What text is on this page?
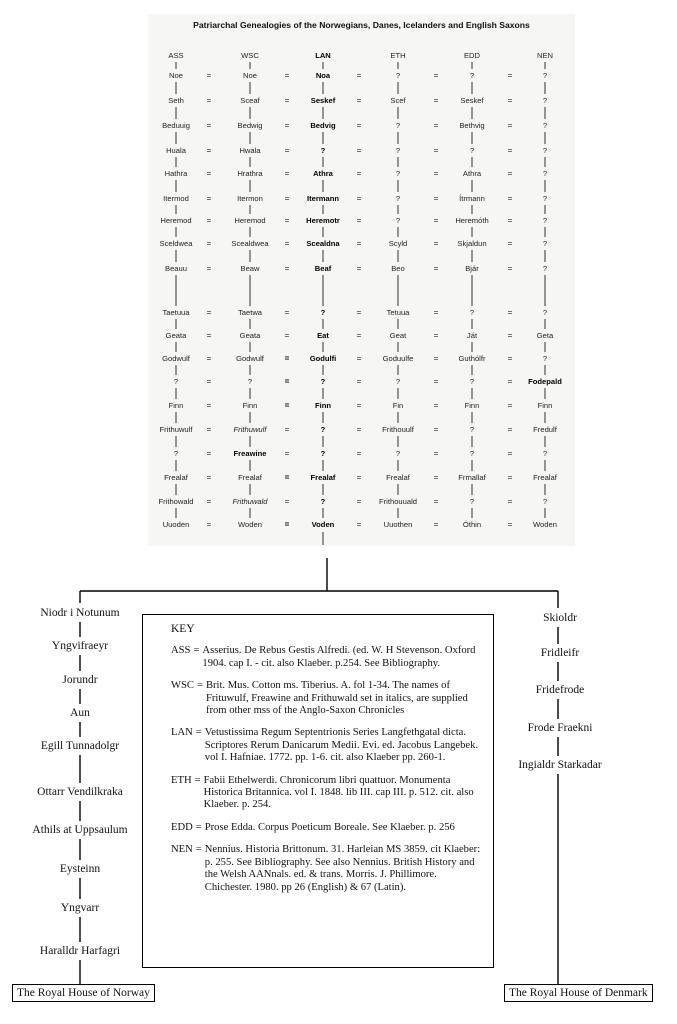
Patriarchal Genealogies of the Norwegians, Danes, Icelanders and English Saxons
ASS	WSC	LAN	ETH	EDD	NEN
Noe	Noe	Noa	?	?	?
=	=	=	=	=
Seth	Sceaf	Seskef	Scef	Seskef	?
=	=	=	=	=
Beduuig	Bedwig	Bedvig	?	Bethvig	?
=	=	=	=	=
Huala	Hwala	?	?	?	?
=	=	=	=	=
Hathra	Hrathra	Athra	?	Athra	?
=	=	=	=	=
Itermod	Itermon	Itermann	?	Ítrmann	?
=	=	=	=	=
Heremod	Heremod	Heremotr	?	Heremóth	?
=	=	=	=	=
Sceldwea	Scealdwea	Scealdna	Scyld	Skjaldun	?
=	=	=	=	=
Beauu	Beaw	Beaf	Beo	Bjár	?
=	=	=	=	=
Taetuua	Taetwa	?	Tetuua	?	?
=	=	=	=	=
Geata	Geata	Eat	Geat	Ját	Geta
=	=	=	=	=
Godwulf	Godwulf	Godulfi	Goduulfe	Guthólfr	?
=	=	=	=	=
?	?	?	?	?	Fodepald
=	=	=	=	=
Finn	Finn	Finn	Fin	Finn	Finn
=	=	=	=	=
Frithuwulf	Frithuwulf	?	Frithouulf	?	Fredulf
=	=	=	=	=
?	Freawine	?	?	?	?
=	=	=	=	=
Frealaf	Frealaf	Frealaf	Frealaf	Frmallaf	Frealaf
=	=	=	=	=
Frithowald	Frithuwald	?	Frithouuald	?	?
=	=	=	=	=
Uuoden	Woden	Voden	Uuothen	Óthin	Woden
=	=	=	=	=
Niodr i Notunum
Yngvifraeyr
Jorundr
Aun
Egill Tunnadolgr
Ottarr Vendilkraka
Athils at Uppsaulum
Eysteinn
Yngvarr
Haralldr Harfagri
Skioldr
Fridleifr
Fridefrode
Frode Fraekni
Ingialdr Starkadar
The Royal House of Norway	The Royal House of Denmark
KEY
ASS = Asserius. De Rebus Gestis Alfredi. (ed. W. H Stevenson. Oxford 1904. cap I. - cit. also Klaeber. p.254. See Bibliography.
WSC = Brit. Mus. Cotton ms. Tiberius. A. fol 1-34. The names of Frituwulf, Freawine and Frithuwald set in italics, are supplied from other mss of the Anglo-Saxon Chronicles
LAN = Vetustissima Regum Septentrionis Series Langfethgatal dicta. Scriptores Rerum Danicarum Medii. Evi. ed. Jacobus Langebek. vol I. Hafniae. 1772. pp. 1-6. cit. also Klaeber pp. 260-1.
ETH = Fabii Ethelwerdi. Chronicorum libri quattuor. Monumenta Historica Britannica. vol I. 1848. lib III. cap III. p. 512. cit. also Klaeber. p. 254.
EDD = Prose Edda. Corpus Poeticum Boreale. See Klaeber. p. 256
NEN = Nennius. Historia Brittonum. 31. Harleian MS 3859. cit Klaeber: p. 255. See Bibliography. See also Nennius. British History and the Welsh AANnals. ed. & trans. Morris. J. Phillimore. Chichester. 1980. pp 26 (English) & 67 (Latin).
